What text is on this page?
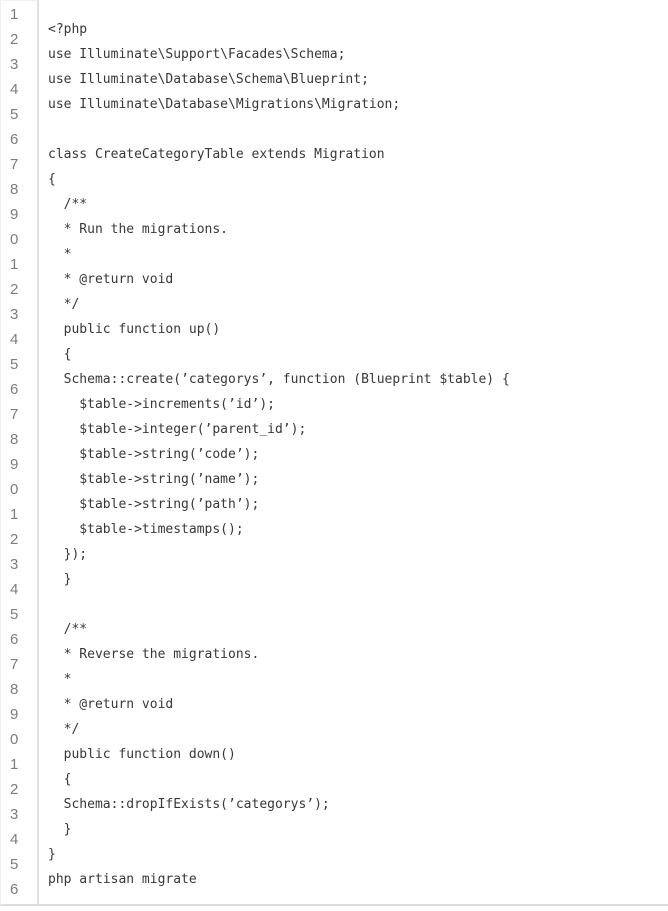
1
2
3
4
5
6
7
8
9
0
1
2
3
4
5
6
7
8
9
0
1
2
3
4
5
6
7
8
9
0
1
2
3
4
5
6
<?php
use Illuminate\Support\Facades\Schema;
use Illuminate\Database\Schema\Blueprint;
use Illuminate\Database\Migrations\Migration;
class CreateCategoryTable extends Migration
{
/**
* Run the migrations.
*
* @return void
*/
public function up()
{
Schema::create(’categorys’, function (Blueprint $table) {
$table->increments(’id’);
$table->integer(’parent_id’);
$table->string(’code’);
$table->string(’name’);
$table->string(’path’);
$table->timestamps();
});
}
/**
* Reverse the migrations.
*
* @return void
*/
public function down()
{
Schema::dropIfExists(’categorys’);
}
}
php artisan migrate
